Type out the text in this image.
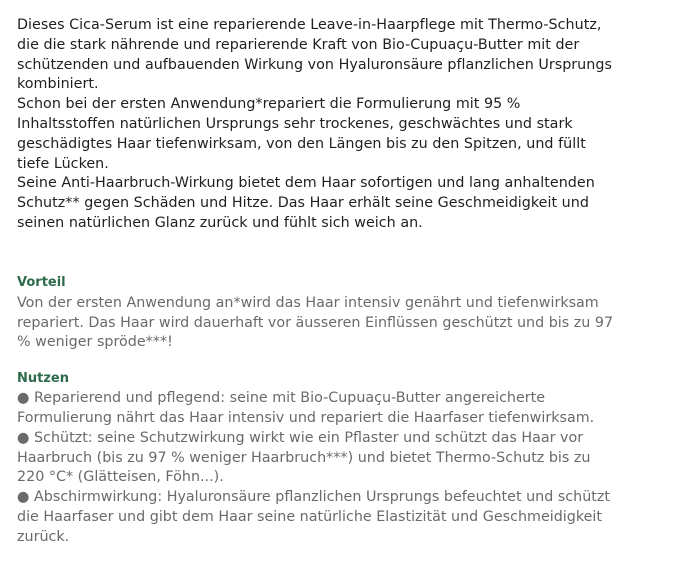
Dieses Cica-Serum ist eine reparierende Leave-in-Haarpflege mit Thermo-Schutz, die die stark nährende und reparierende Kraft von Bio-Cupuaçu-Butter mit der schützenden und aufbauenden Wirkung von Hyaluronsäure pflanzlichen Ursprungs kombiniert.

Schon bei der ersten Anwendung*repariert die Formulierung mit 95 % Inhaltsstoffen natürlichen Ursprungs sehr trockenes, geschwächtes und stark geschädigtes Haar tiefenwirksam, von den Längen bis zu den Spitzen, und füllt tiefe Lücken.

Seine Anti-Haarbruch-Wirkung bietet dem Haar sofortigen und lang anhaltenden Schutz** gegen Schäden und Hitze. Das Haar erhält seine Geschmeidigkeit und seinen natürlichen Glanz zurück und fühlt sich weich an.

Vorteil

Von der ersten Anwendung an*wird das Haar intensiv genährt und tiefenwirksam repariert. Das Haar wird dauerhaft vor äusseren Einflüssen geschützt und bis zu 97 % weniger spröde***!

Nutzen

● Reparierend und pflegend: seine mit Bio-Cupuaçu-Butter angereicherte Formulierung nährt das Haar intensiv und repariert die Haarfaser tiefenwirksam.

● Schützt: seine Schutzwirkung wirkt wie ein Pflaster und schützt das Haar vor Haarbruch (bis zu 97 % weniger Haarbruch***) und bietet Thermo-Schutz bis zu 220 °C* (Glätteisen, Föhn...).

● Abschirmwirkung: Hyaluronsäure pflanzlichen Ursprungs befeuchtet und schützt die Haarfaser und gibt dem Haar seine natürliche Elastizität und Geschmeidigkeit zurück.
